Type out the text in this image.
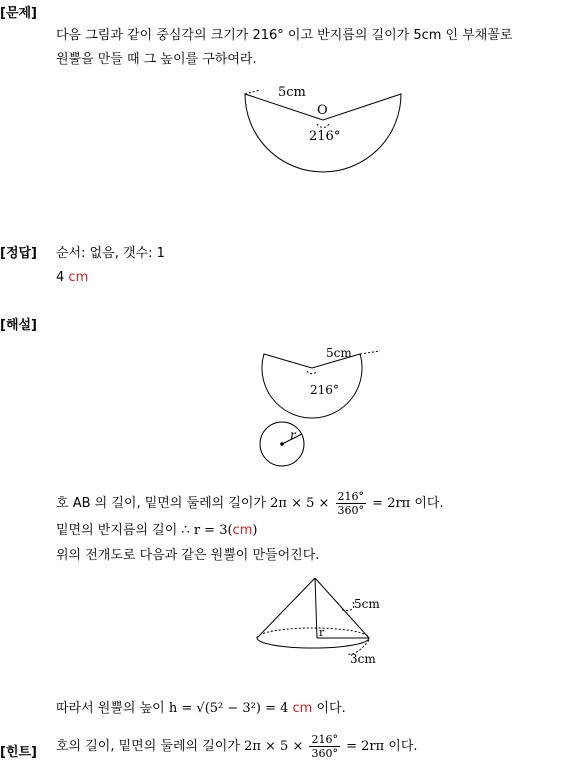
[문제]
다음 그림과 같이 중심각의 크기가 216° 이고 반지름의 길이가 5cm 인 부채꼴로
원뿔을 만들 때 그 높이를 구하여라.
5cm
O
216°
[정답] 순서: 없음, 갯수: 1
4 cm
[해설]
5cm
216°
r
호 AB 의 길이, 밑면의 둘레의 길이가 $2\pi \times 5 \times \frac{216^\circ}{360^\circ} = 2r\pi$ 이다.
밑면의 반지름의 길이 ∴ r = 3(cm)
위의 전개도로 다음과 같은 원뿔이 만들어진다.
5cm
r
3cm
따라서 원뿔의 높이 h = √(5² − 3²) = 4 cm 이다.
[힌트] 호의 길이, 밑면의 둘레의 길이가 $2\pi \times 5 \times \frac{216^\circ}{360^\circ} = 2r\pi$ 이다.
